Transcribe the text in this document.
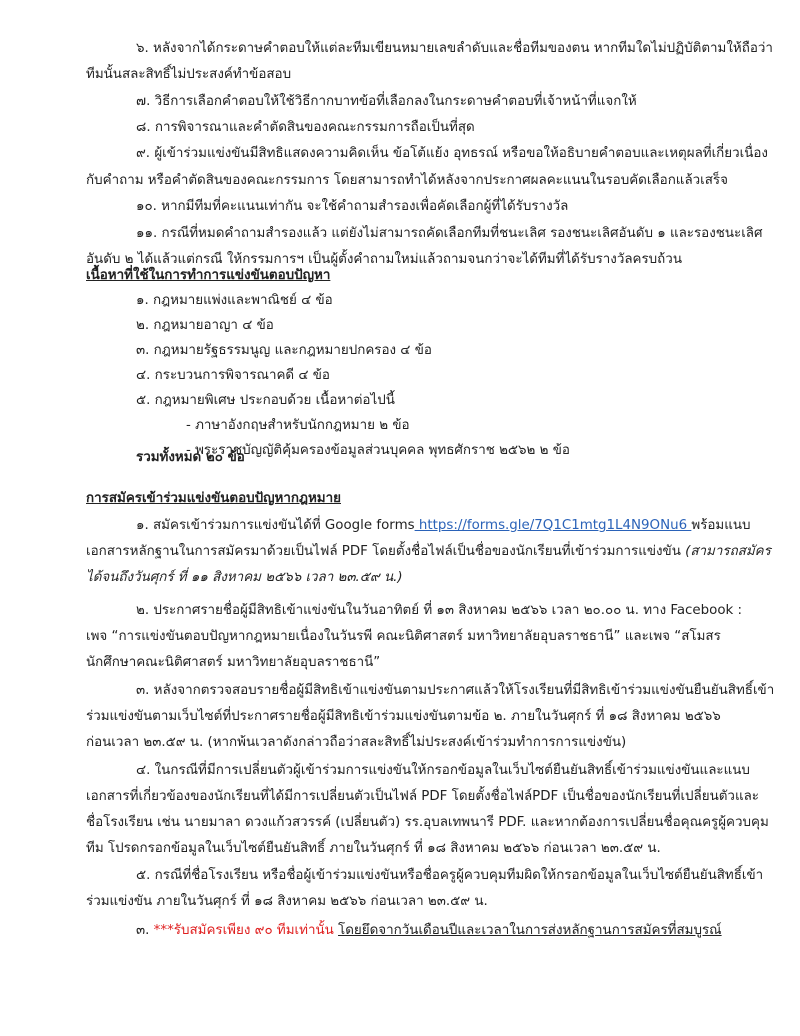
๖. หลังจากได้กระดาษคำตอบให้แต่ละทีมเขียนหมายเลขลำดับและชื่อทีมของตน หากทีมใดไม่ปฏิบัติตามให้ถือว่า
ทีมนั้นสละสิทธิ์ไม่ประสงค์ทำข้อสอบ
๗. วิธีการเลือกคำตอบให้ใช้วิธีกากบาทข้อที่เลือกลงในกระดาษคำตอบที่เจ้าหน้าที่แจกให้
๘. การพิจารณาและคำตัดสินของคณะกรรมการถือเป็นที่สุด
๙. ผู้เข้าร่วมแข่งขันมีสิทธิแสดงความคิดเห็น ข้อโต้แย้ง อุทธรณ์ หรือขอให้อธิบายคำตอบและเหตุผลที่เกี่ยวเนื่อง
กับคำถาม หรือคำตัดสินของคณะกรรมการ โดยสามารถทำได้หลังจากประกาศผลคะแนนในรอบคัดเลือกแล้วเสร็จ
๑๐. หากมีทีมที่คะแนนเท่ากัน จะใช้คำถามสำรองเพื่อคัดเลือกผู้ที่ได้รับรางวัล
๑๑. กรณีที่หมดคำถามสำรองแล้ว แต่ยังไม่สามารถคัดเลือกทีมที่ชนะเลิศ รองชนะเลิศอันดับ ๑ และรองชนะเลิศ
อันดับ ๒ ได้แล้วแต่กรณี ให้กรรมการฯ เป็นผู้ตั้งคำถามใหม่แล้วถามจนกว่าจะได้ทีมที่ได้รับรางวัลครบถ้วน
เนื้อหาที่ใช้ในการทำการแข่งขันตอบปัญหา
๑. กฎหมายแพ่งและพาณิชย์ ๔ ข้อ
๒. กฎหมายอาญา ๔ ข้อ
๓. กฎหมายรัฐธรรมนูญ และกฎหมายปกครอง ๔ ข้อ
๔. กระบวนการพิจารณาคดี ๔ ข้อ
๕. กฎหมายพิเศษ ประกอบด้วย เนื้อหาต่อไปนี้
- ภาษาอังกฤษสำหรับนักกฎหมาย ๒ ข้อ
- พระราชบัญญัติคุ้มครองข้อมูลส่วนบุคคล พุทธศักราช ๒๕๖๒ ๒ ข้อ
รวมทั้งหมด ๒๐ ข้อ
การสมัครเข้าร่วมแข่งขันตอบปัญหากฎหมาย
๑. สมัครเข้าร่วมการแข่งขันได้ที่ Google forms https://forms.gle/7Q1C1mtg1L4N9ONu6 พร้อมแนบ
เอกสารหลักฐานในการสมัครมาด้วยเป็นไฟล์ PDF โดยตั้งชื่อไฟล์เป็นชื่อของนักเรียนที่เข้าร่วมการแข่งขัน (สามารถสมัคร
ได้จนถึงวันศุกร์ ที่ ๑๑ สิงหาคม ๒๕๖๖ เวลา ๒๓.๕๙ น.)
๒. ประกาศรายชื่อผู้มีสิทธิเข้าแข่งขันในวันอาทิตย์ ที่ ๑๓ สิงหาคม ๒๕๖๖ เวลา ๒๐.๐๐ น. ทาง Facebook :
เพจ “การแข่งขันตอบปัญหากฎหมายเนื่องในวันรพี คณะนิติศาสตร์ มหาวิทยาลัยอุบลราชธานี” และเพจ “สโมสร
นักศึกษาคณะนิติศาสตร์ มหาวิทยาลัยอุบลราชธานี”
๓. หลังจากตรวจสอบรายชื่อผู้มีสิทธิเข้าแข่งขันตามประกาศแล้วให้โรงเรียนที่มีสิทธิเข้าร่วมแข่งขันยืนยันสิทธิ์เข้า
ร่วมแข่งขันตามเว็บไซต์ที่ประกาศรายชื่อผู้มีสิทธิเข้าร่วมแข่งขันตามข้อ ๒. ภายในวันศุกร์ ที่ ๑๘ สิงหาคม ๒๕๖๖
ก่อนเวลา ๒๓.๕๙ น. (หากพ้นเวลาดังกล่าวถือว่าสละสิทธิ์ไม่ประสงค์เข้าร่วมทำการการแข่งขัน)
๔. ในกรณีที่มีการเปลี่ยนตัวผู้เข้าร่วมการแข่งขันให้กรอกข้อมูลในเว็บไซต์ยืนยันสิทธิ์เข้าร่วมแข่งขันและแนบ
เอกสารที่เกี่ยวข้องของนักเรียนที่ได้มีการเปลี่ยนตัวเป็นไฟล์ PDF โดยตั้งชื่อไฟล์PDF เป็นชื่อของนักเรียนที่เปลี่ยนตัวและ
ชื่อโรงเรียน เช่น นายมาลา ดวงแก้วสวรรค์ (เปลี่ยนตัว) รร.อุบลเทพนารี PDF. และหากต้องการเปลี่ยนชื่อคุณครูผู้ควบคุม
ทีม โปรดกรอกข้อมูลในเว็บไซต์ยืนยันสิทธิ์ ภายในวันศุกร์ ที่ ๑๘ สิงหาคม ๒๕๖๖ ก่อนเวลา ๒๓.๕๙ น.
๕. กรณีที่ชื่อโรงเรียน หรือชื่อผู้เข้าร่วมแข่งขันหรือชื่อครูผู้ควบคุมทีมผิดให้กรอกข้อมูลในเว็บไซต์ยืนยันสิทธิ์เข้า
ร่วมแข่งขัน ภายในวันศุกร์ ที่ ๑๘ สิงหาคม ๒๕๖๖ ก่อนเวลา ๒๓.๕๙ น.
๓. ***รับสมัครเพียง ๙๐ ทีมเท่านั้น โดยยึดจากวันเดือนปีและเวลาในการส่งหลักฐานการสมัครที่สมบูรณ์
